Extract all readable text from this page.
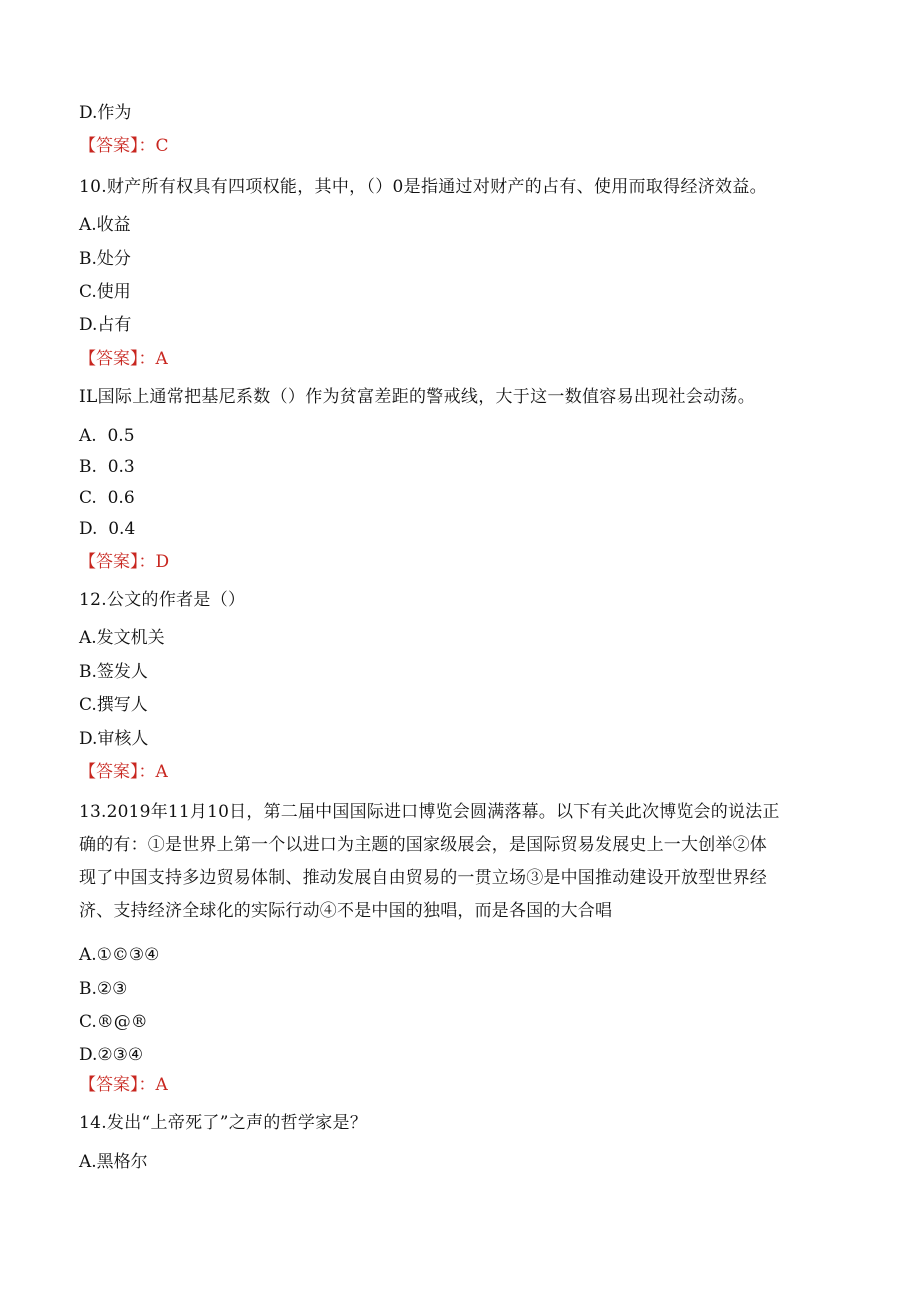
D.作为
【答案】：C
10.财产所有权具有四项权能，其中，（）0是指通过对财产的占有、使用而取得经济效益。
A.收益
B.处分
C.使用
D.占有
【答案】：A
IL国际上通常把基尼系数（）作为贫富差距的警戒线，大于这一数值容易出现社会动荡。
A.  0.5
B.  0.3
C.  0.6
D.  0.4
【答案】：D
12.公文的作者是（）
A.发文机关
B.签发人
C.撰写人
D.审核人
【答案】：A
13.2019年11月10日，第二届中国国际进口博览会圆满落幕。以下有关此次博览会的说法正
确的有：①是世界上第一个以进口为主题的国家级展会，是国际贸易发展史上一大创举②体
现了中国支持多边贸易体制、推动发展自由贸易的一贯立场③是中国推动建设开放型世界经
济、支持经济全球化的实际行动④不是中国的独唱，而是各国的大合唱
A.①©③④
B.②③
C.®@®
D.②③④
【答案】：A
14.发出“上帝死了”之声的哲学家是？
A.黑格尔
